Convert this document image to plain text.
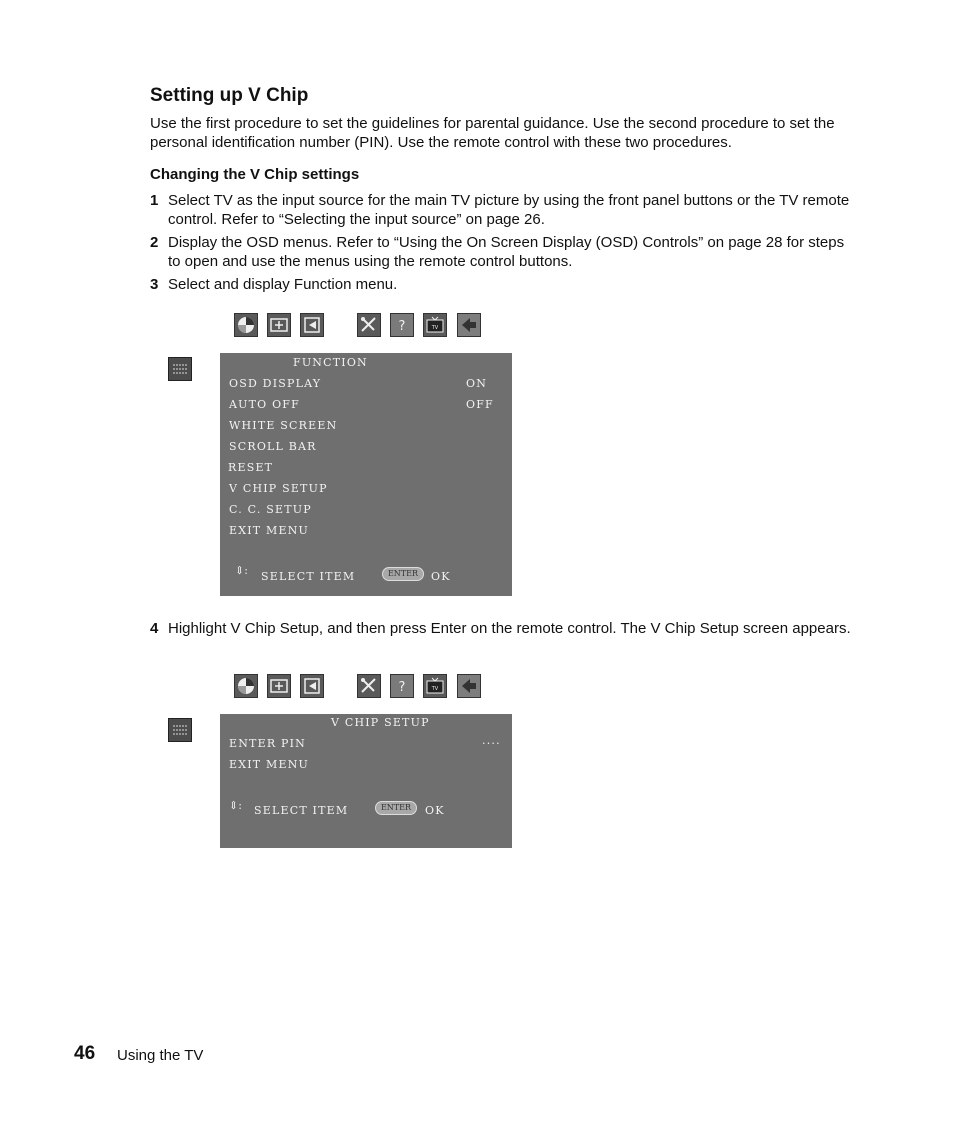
Setting up V Chip
Use the first procedure to set the guidelines for parental guidance. Use the second procedure to set the personal identification number (PIN). Use the remote control with these two procedures.
Changing the V Chip settings
1 Select TV as the input source for the main TV picture by using the front panel buttons or the TV remote control. Refer to “Selecting the input source” on page 26.
2 Display the OSD menus. Refer to “Using the On Screen Display (OSD) Controls” on page 28 for steps to open and use the menus using the remote control buttons.
3 Select and display Function menu.
?	TV
FUNCTION
OSD DISPLAY	ON
AUTO OFF	OFF
WHITE SCREEN
SCROLL BAR
RESET
V CHIP SETUP
C. C. SETUP
EXIT MENU
⇕: SELECT ITEM	ENTER	OK
4 Highlight V Chip Setup, and then press Enter on the remote control. The V Chip Setup screen appears.
?	TV
V CHIP SETUP
ENTER PIN	····
EXIT MENU
⇕: SELECT ITEM	ENTER	OK
46 Using the TV
